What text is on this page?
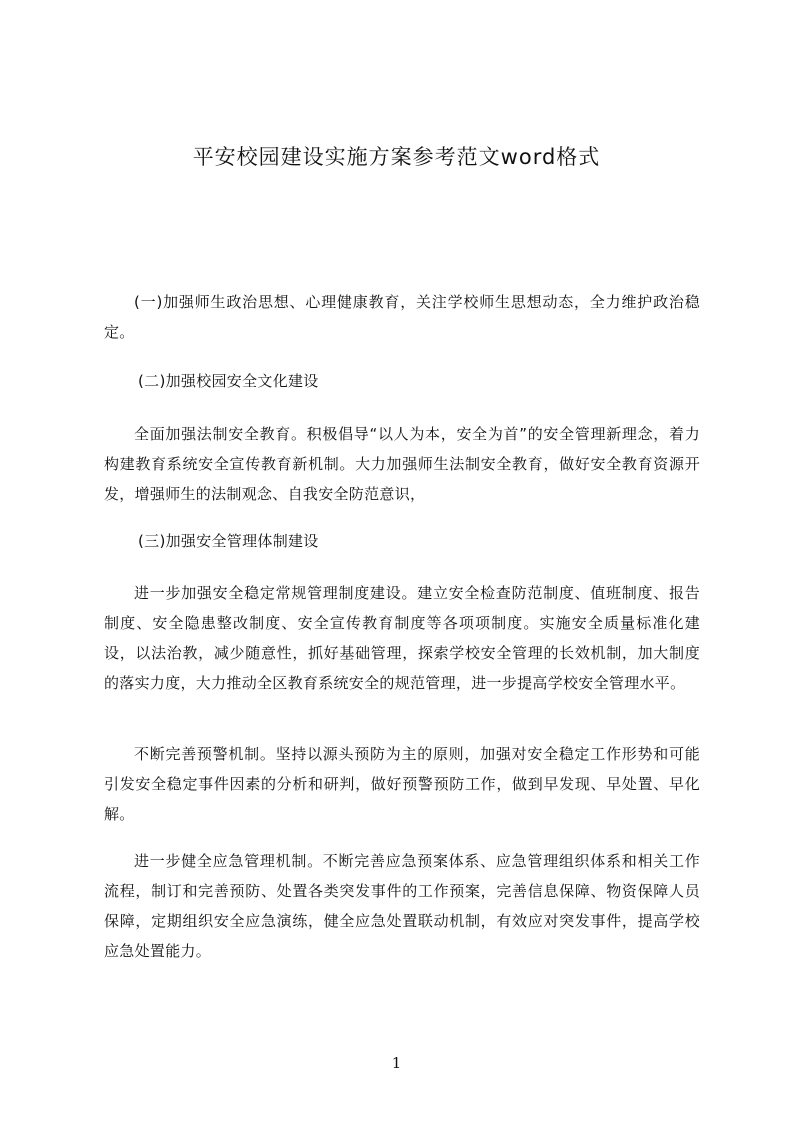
平安校园建设实施方案参考范文word格式

(一)加强师生政治思想、心理健康教育，关注学校师生思想动态，全力维护政治稳定。

(二)加强校园安全文化建设

全面加强法制安全教育。积极倡导“以人为本，安全为首”的安全管理新理念，着力构建教育系统安全宣传教育新机制。大力加强师生法制安全教育，做好安全教育资源开发，增强师生的法制观念、自我安全防范意识，

(三)加强安全管理体制建设

进一步加强安全稳定常规管理制度建设。建立安全检查防范制度、值班制度、报告制度、安全隐患整改制度、安全宣传教育制度等各项项制度。实施安全质量标准化建设，以法治教，减少随意性，抓好基础管理，探索学校安全管理的长效机制，加大制度的落实力度，大力推动全区教育系统安全的规范管理，进一步提高学校安全管理水平。

不断完善预警机制。坚持以源头预防为主的原则，加强对安全稳定工作形势和可能引发安全稳定事件因素的分析和研判，做好预警预防工作，做到早发现、早处置、早化解。

进一步健全应急管理机制。不断完善应急预案体系、应急管理组织体系和相关工作流程，制订和完善预防、处置各类突发事件的工作预案，完善信息保障、物资保障人员保障，定期组织安全应急演练，健全应急处置联动机制，有效应对突发事件，提高学校应急处置能力。

1
